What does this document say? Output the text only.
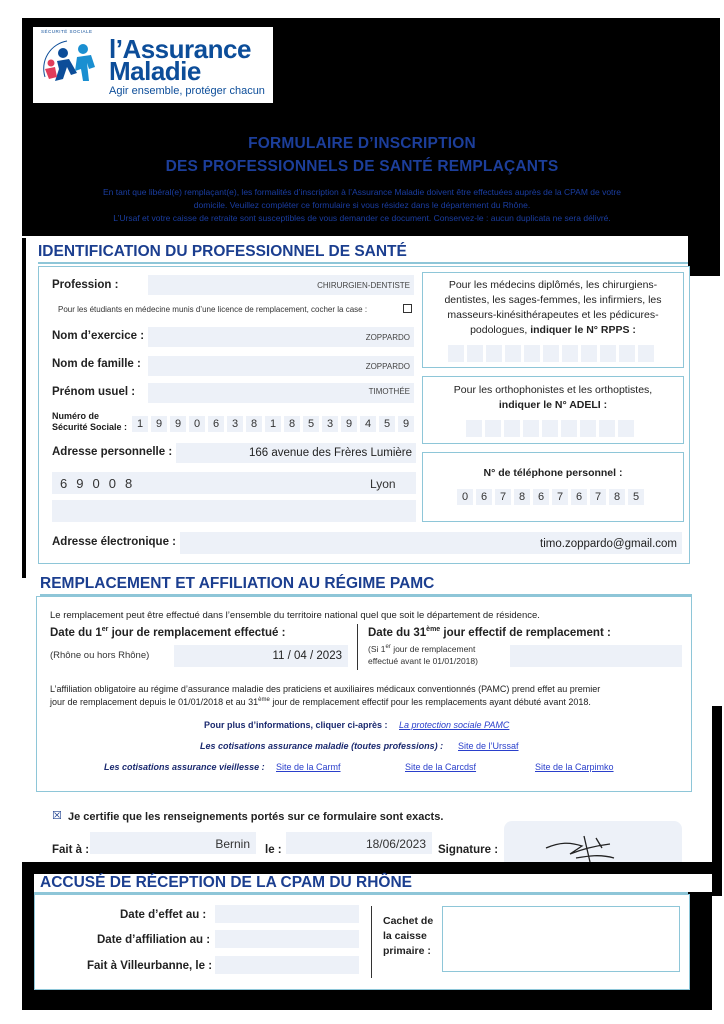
SÉCURITÉ SOCIALE
l’Assurance
Maladie
Agir ensemble, protéger chacun
FORMULAIRE D’INSCRIPTION
DES PROFESSIONNELS DE SANTÉ REMPLAÇANTS
En tant que libéral(e) remplaçant(e), les formalités d’inscription à l’Assurance Maladie doivent être effectuées auprès de la CPAM de votre
domicile. Veuillez compléter ce formulaire si vous résidez dans le département du Rhône.
L’Ursaf et votre caisse de retraite sont susceptibles de vous demander ce document. Conservez-le : aucun duplicata ne sera délivré.
IDENTIFICATION DU PROFESSIONNEL DE SANTÉ
Profession :	CHIRURGIEN-DENTISTE
Pour les étudiants en médecine munis d’une licence de remplacement, cocher la case :
Nom d’exercice :	ZOPPARDO
Nom de famille :	ZOPPARDO
Prénom usuel :	TIMOTHÉE
Numéro de
Sécurité Sociale : 1	9	9	0	6	3	8	1	8	5	3	9	4	5	9
Adresse personnelle :	166 avenue des Frères Lumière
69008	Lyon
Adresse électronique :	timo.zoppardo@gmail.com
Pour les médecins diplômés, les chirurgiens-
dentistes, les sages-femmes, les infirmiers, les
masseurs-kinésithérapeutes et les pédicures-
podologues, indiquer le N° RPPS :
Pour les orthophonistes et les orthoptistes,
indiquer le N° ADELI :
N° de téléphone personnel :
0	6	7	8	6	7	6	7	8	5
REMPLACEMENT ET AFFILIATION AU RÉGIME PAMC
Le remplacement peut être effectué dans l’ensemble du territoire national quel que soit le département de résidence.
Date du 1er jour de remplacement effectué :
(Rhône ou hors Rhône)	11 / 04 / 2023
Date du 31ème jour effectif de remplacement :
(Si 1er jour de remplacement
effectué avant le 01/01/2018)
L’affiliation obligatoire au régime d’assurance maladie des praticiens et auxiliaires médicaux conventionnés (PAMC) prend effet au premier
jour de remplacement depuis le 01/01/2018 et au 31ème jour de remplacement effectif pour les remplacements ayant débuté avant 2018.
Pour plus d’informations, cliquer ci-après : La protection sociale PAMC
Les cotisations assurance maladie (toutes professions) : Site de l’Urssaf
Les cotisations assurance vieillesse : Site de la Carmf	Site de la Carcdsf	Site de la Carpimko
☒ Je certifie que les renseignements portés sur ce formulaire sont exacts.
Fait à :	Bernin le :	18/06/2023 Signature :
ACCUSÉ DE RÉCEPTION DE LA CPAM DU RHÔNE
Date d’effet au :
Date d’affiliation au :
Fait à Villeurbanne, le :
Cachet de
la caisse
primaire :
